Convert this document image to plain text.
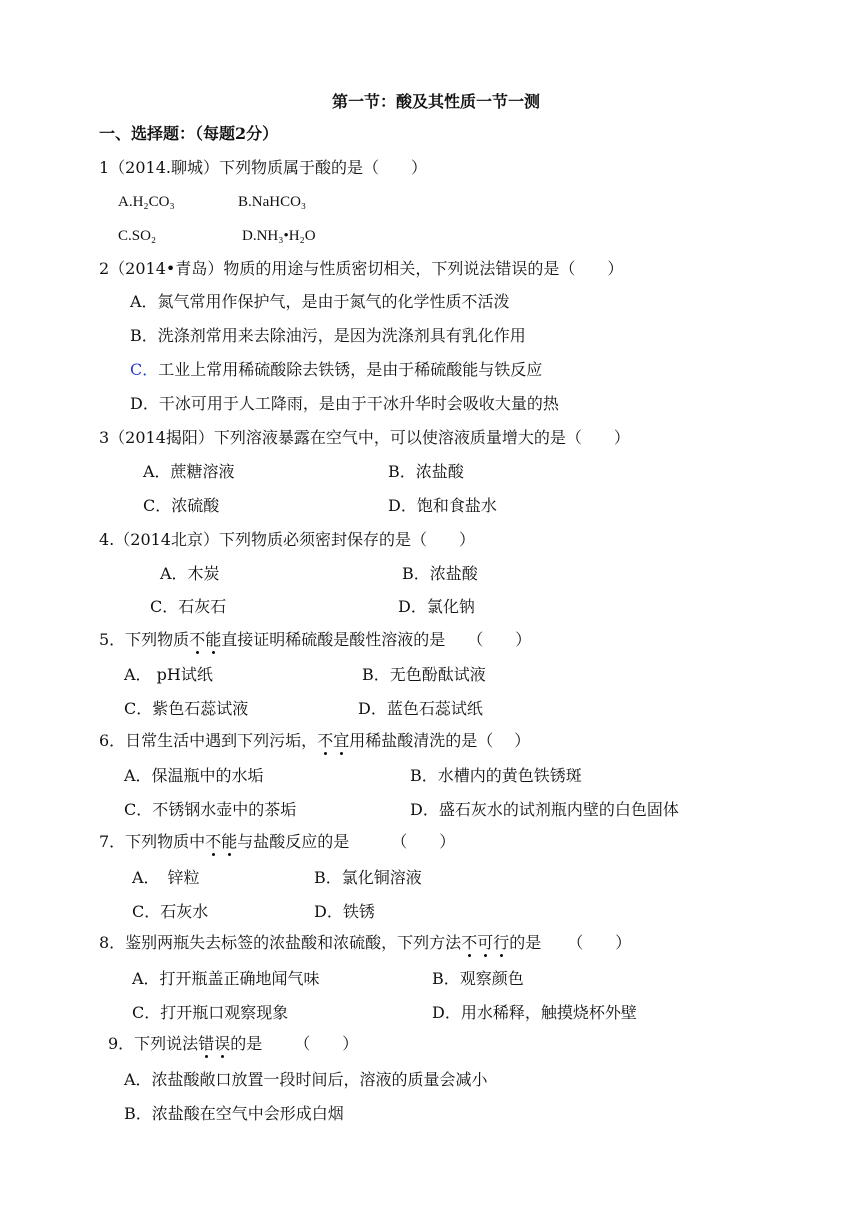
第一节：酸及其性质一节一测
一、选择题：（每题2分）
1（2014.聊城）下列物质属于酸的是（　　）
A.H₂CO₃	B.NaHCO₃
C.SO₂	D.NH₃•H₂O
2（2014•青岛）物质的用途与性质密切相关，下列说法错误的是（　　）
A．氮气常用作保护气，是由于氮气的化学性质不活泼
B．洗涤剂常用来去除油污，是因为洗涤剂具有乳化作用
C．工业上常用稀硫酸除去铁锈，是由于稀硫酸能与铁反应
D．干冰可用于人工降雨，是由于干冰升华时会吸收大量的热
3（2014揭阳）下列溶液暴露在空气中，可以使溶液质量增大的是（　　）
A．蔗糖溶液	B．浓盐酸
C．浓硫酸	D．饱和食盐水
4.（2014北京）下列物质必须密封保存的是（　　）
A．木炭	B．浓盐酸
C．石灰石	D．氯化钠
5．下列物质不能直接证明稀硫酸是酸性溶液的是 （　　）
A． pH试纸	B．无色酚酞试液
C．紫色石蕊试液	D．蓝色石蕊试纸
6．日常生活中遇到下列污垢，不宜用稀盐酸清洗的是（　 ）
A．保温瓶中的水垢	B．水槽内的黄色铁锈斑
C．不锈钢水壶中的茶垢	D．盛石灰水的试剂瓶内壁的白色固体
7．下列物质中不能与盐酸反应的是	（　　）
A．　锌粒	B．氯化铜溶液
C．石灰水	D．铁锈
8．鉴别两瓶失去标签的浓盐酸和浓硫酸，下列方法不可行的是 （　　）
A．打开瓶盖正确地闻气味	B．观察颜色
C．打开瓶口观察现象	D．用水稀释，触摸烧杯外壁
9．下列说法错误的是 （　　）
A．浓盐酸敞口放置一段时间后，溶液的质量会减小
B．浓盐酸在空气中会形成白烟
